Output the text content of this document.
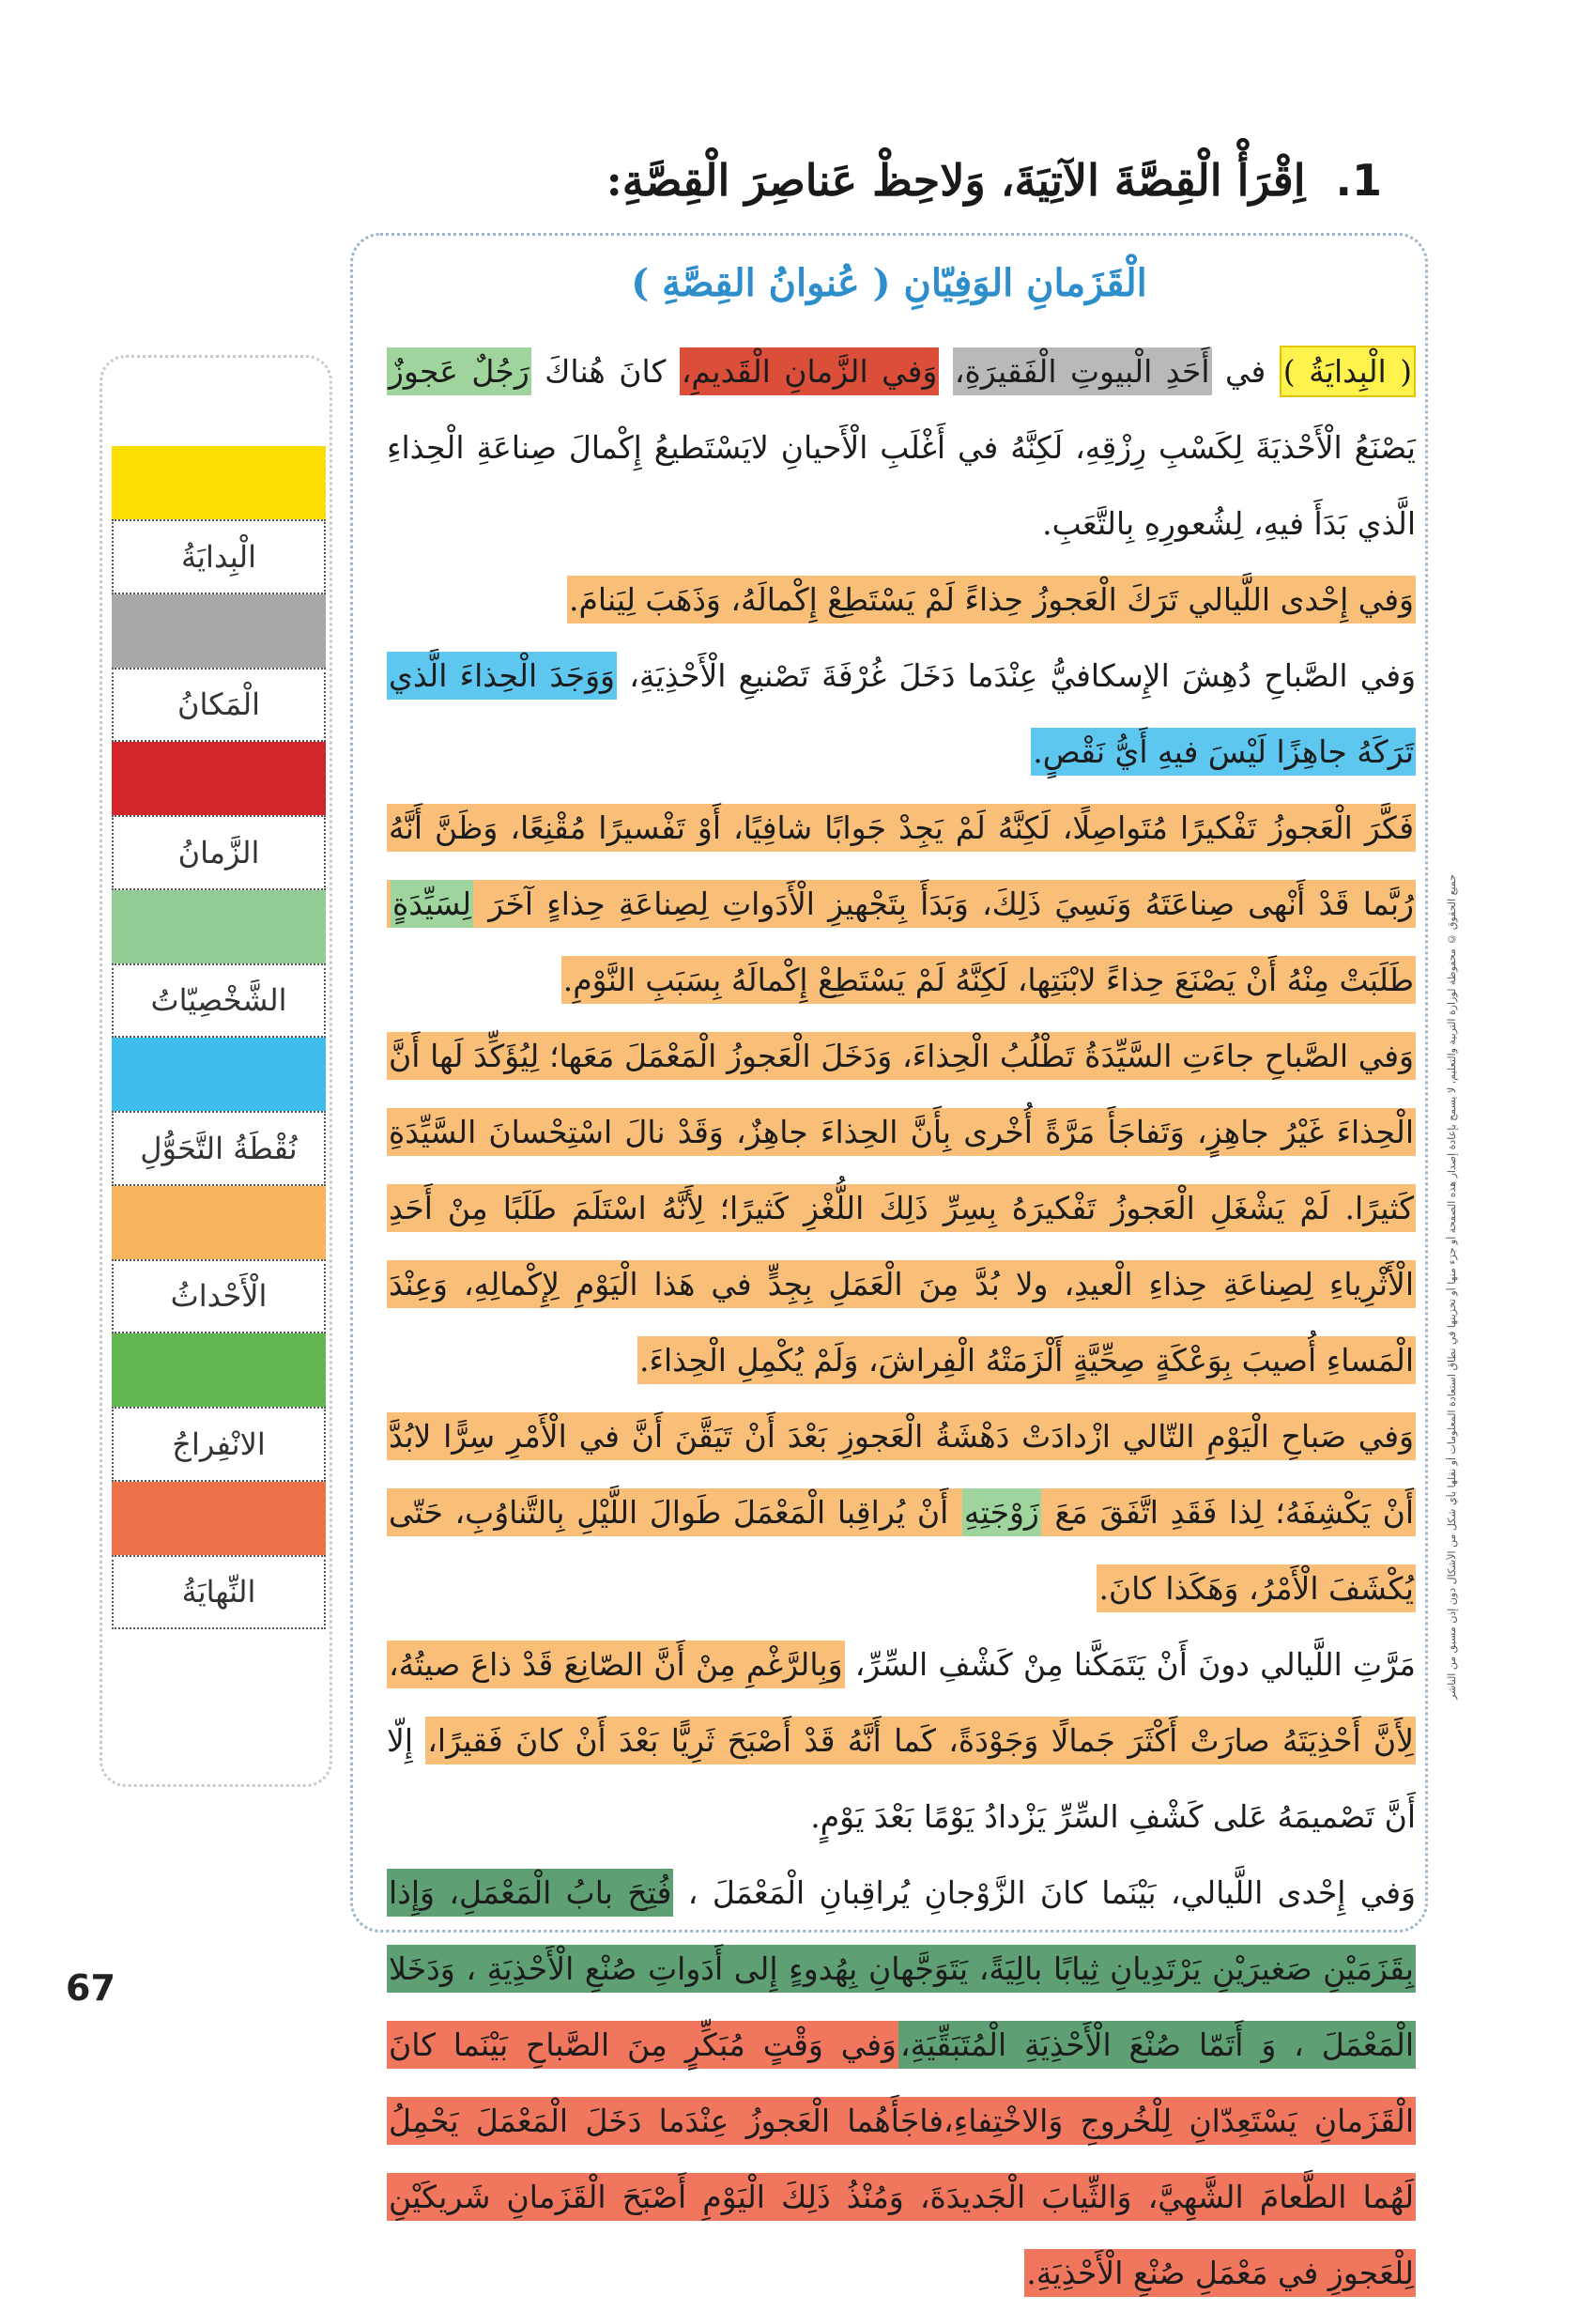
1.اِقْرَأْ الْقِصَّةَ الآتِيَةَ، وَلاحِظْ عَناصِرَ الْقِصَّةِ:
الْقَزَمانِ الوَفِيّانِ ( عُنوانُ القِصَّةِ )

( الْبِدايَةُ ) في أَحَدِ الْبيوتِ الْفَقيرَةِ، وَفي الزَّمانِ الْقَديمِ، كانَ هُناكَ رَجُلٌ عَجوزٌ يَصْنَعُ الْأَحْذيَةَ لِكَسْبِ رِزْقِهِ، لَكِنَّهُ في أَغْلَبِ الْأَحيانِ لايَسْتَطيعُ إِكْمالَ صِناعَةِ الْحِذاءِ الَّذي بَدَأَ فيهِ، لِشُعورِهِ بِالتَّعَبِ.

وَفي إِحْدى اللَّيالي تَرَكَ الْعَجوزُ حِذاءً لَمْ يَسْتَطِعْ إِكْمالَهُ، وَذَهَبَ لِيَنامَ.

وَفي الصَّباحِ دُهِشَ الإِسكافيُّ عِنْدَما دَخَلَ غُرْفَةَ تَصْنيعِ الْأَحْذِيَةِ، وَوَجَدَ الْحِذاءَ الَّذي تَرَكَهُ جاهِزًا لَيْسَ فيهِ أَيُّ نَقْصٍ.

فَكَّرَ الْعَجوزُ تَفْكيرًا مُتَواصِلًا، لَكِنَّهُ لَمْ يَجِدْ جَوابًا شافِيًا، أَوْ تَفْسيرًا مُقْنِعًا، وَظَنَّ أَنَّهُ رُبَّما قَدْ أَنْهى صِناعَتَهُ وَنَسِيَ ذَلِكَ، وَبَدَأَ بِتَجْهيزِ الْأَدَواتِ لِصِناعَةِ حِذاءٍ آخَرَ لِسَيِّدَةٍ طَلَبَتْ مِنْهُ أَنْ يَصْنَعَ حِذاءً لابْنَتِها، لَكِنَّهُ لَمْ يَسْتَطِعْ إِكْمالَهُ بِسَبَبِ النَّوْمِ.

وَفي الصَّباحِ جاءَتِ السَّيِّدَةُ تَطْلُبُ الْحِذاءَ، وَدَخَلَ الْعَجوزُ الْمَعْمَلَ مَعَها؛ لِيُؤَكِّدَ لَها أَنَّ الْحِذاءَ غَيْرُ جاهِزٍ، وَتَفاجَأَ مَرَّةً أُخْرى بِأَنَّ الحِذاءَ جاهِزٌ، وَقَدْ نالَ اسْتِحْسانَ السَّيِّدَةِ كَثيرًا. لَمْ يَشْغَلِ الْعَجوزُ تَفْكيرَهُ بِسِرِّ ذَلِكَ اللُّغْزِ كَثيرًا؛ لِأَنَّهُ اسْتَلَمَ طَلَبًا مِنْ أَحَدِ الْأَثْرِياءِ لِصِناعَةِ حِذاءِ الْعيدِ، ولا بُدَّ مِنَ الْعَمَلِ بِجِدٍّ في هَذا الْيَوْمِ لِإِكْمالِهِ، وَعِنْدَ الْمَساءِ أُصيبَ بِوَعْكَةٍ صِحِّيَّةٍ أَلْزَمَتْهُ الْفِراشَ، وَلَمْ يُكْمِلِ الْحِذاءَ.

وَفي صَباحِ الْيَوْمِ التّالي ازْدادَتْ دَهْشَةُ الْعَجوزِ بَعْدَ أَنْ تَيَقَّنَ أَنَّ في الْأَمْرِ سِرًّا لابُدَّ أَنْ يَكْشِفَهُ؛ لِذا فَقَدِ اتَّفَقَ مَعَ زَوْجَتِهِ أَنْ يُراقِبا الْمَعْمَلَ طَوالَ اللَّيْلِ بِالتَّناوُبِ، حَتّى يُكْشَفَ الْأَمْرُ، وَهَكَذا كانَ.

مَرَّتِ اللَّيالي دونَ أَنْ يَتَمَكَّنا مِنْ كَشْفِ السِّرِّ، وَبِالرَّغْمِ مِنْ أَنَّ الصّانِعَ قَدْ ذاعَ صيتُهُ، لِأَنَّ أَحْذِيَتَهُ صارَتْ أَكْثَرَ جَمالًا وَجَوْدَةً، كَما أَنَّهُ قَدْ أَصْبَحَ ثَرِيًّا بَعْدَ أَنْ كانَ فَقيرًا، إِلّا أَنَّ تَصْميمَهُ عَلى كَشْفِ السِّرِّ يَزْدادُ يَوْمًا بَعْدَ يَوْمٍ.

وَفي إِحْدى اللَّيالي، بَيْنَما كانَ الزَّوْجانِ يُراقِبانِ الْمَعْمَلَ ، فُتِحَ بابُ الْمَعْمَلِ، وَإِذا بِقَزَمَيْنِ صَغيرَيْنِ يَرْتَدِيانِ ثِيابًا بالِيَةً، يَتَوَجَّهانِ بِهُدوءٍ إِلى أَدَواتِ صُنْعِ الْأَحْذِيَةِ ، وَدَخَلا الْمَعْمَلَ ، وَ أَتَمّا صُنْعَ الْأَحْذِيَةِ الْمُتَبَقِّيَةِ،وَفي وَقْتٍ مُبَكِّرٍ مِنَ الصَّباحِ بَيْنَما كانَ الْقَزَمانِ يَسْتَعِدّانِ لِلْخُروجِ وَالاخْتِفاءِ،فاجَأَهُما الْعَجوزُ عِنْدَما دَخَلَ الْمَعْمَلَ يَحْمِلُ لَهُما الطَّعامَ الشَّهِيَّ، وَالثِّيابَ الْجَديدَةَ، وَمُنْذُ ذَلِكَ الْيَوْمِ أَصْبَحَ الْقَزَمانِ شَريكَيْنِ لِلْعَجوزِ في مَعْمَلِ صُنْعِ الْأَحْذِيَةِ.

الْبِدايَةُ
الْمَكانُ
الزَّمانُ
الشَّخْصِيّاتُ
نُقْطَةُ التَّحَوُّلِ
الْأَحْداثُ
الانْفِراجُ
النِّهايَةُ	جميع الحقوق © محفوظة لوزارة التربية والتعليم، لا يسمح بإعادة إصدار هذه الصفحة أو جزء منها أو تخزينها في نطاق استعادة المعلومات أو نقلها بأي شكل من الأشكال دون إذن مسبق من الناشر
67
